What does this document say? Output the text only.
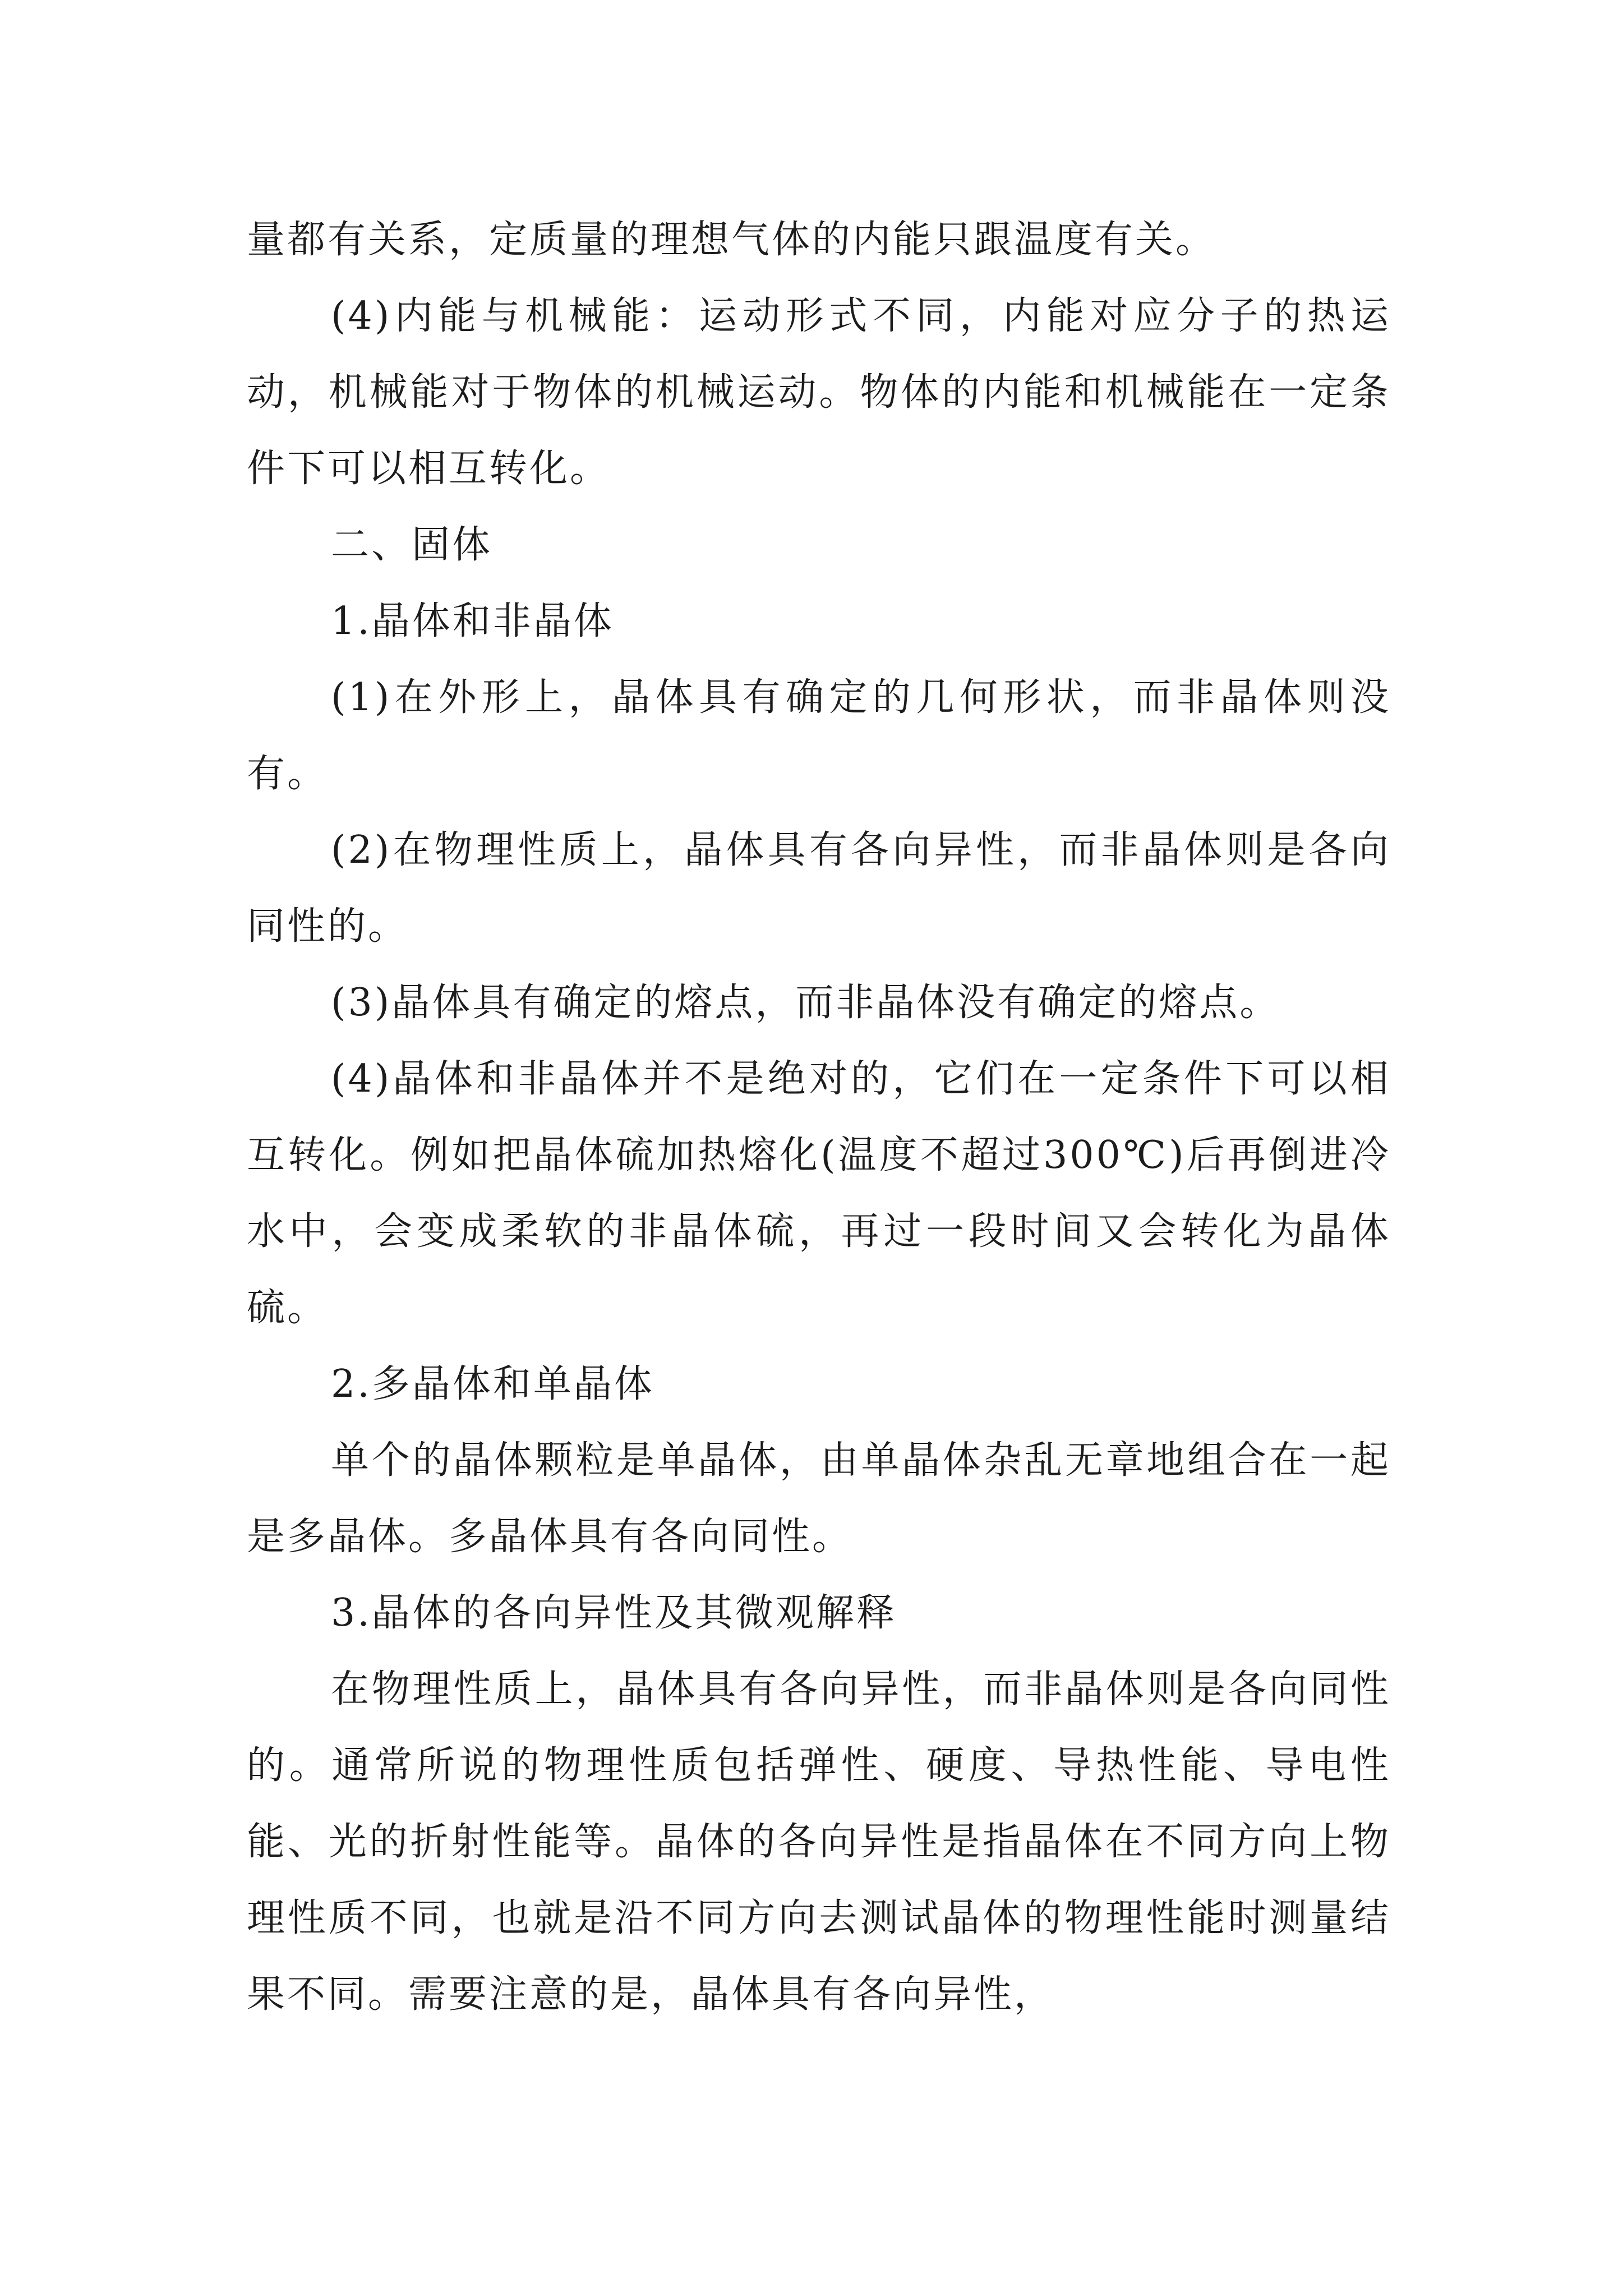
量都有关系，定质量的理想气体的内能只跟温度有关。

(4)内能与机械能：运动形式不同，内能对应分子的热运动，机械能对于物体的机械运动。物体的内能和机械能在一定条件下可以相互转化。

二、固体

1.晶体和非晶体

(1)在外形上，晶体具有确定的几何形状，而非晶体则没有。

(2)在物理性质上，晶体具有各向异性，而非晶体则是各向同性的。

(3)晶体具有确定的熔点，而非晶体没有确定的熔点。

(4)晶体和非晶体并不是绝对的，它们在一定条件下可以相互转化。例如把晶体硫加热熔化(温度不超过300℃)后再倒进冷水中，会变成柔软的非晶体硫，再过一段时间又会转化为晶体硫。

2.多晶体和单晶体

单个的晶体颗粒是单晶体，由单晶体杂乱无章地组合在一起是多晶体。多晶体具有各向同性。

3.晶体的各向异性及其微观解释

在物理性质上，晶体具有各向异性，而非晶体则是各向同性的。通常所说的物理性质包括弹性、硬度、导热性能、导电性能、光的折射性能等。晶体的各向异性是指晶体在不同方向上物理性质不同，也就是沿不同方向去测试晶体的物理性能时测量结果不同。需要注意的是，晶体具有各向异性，
